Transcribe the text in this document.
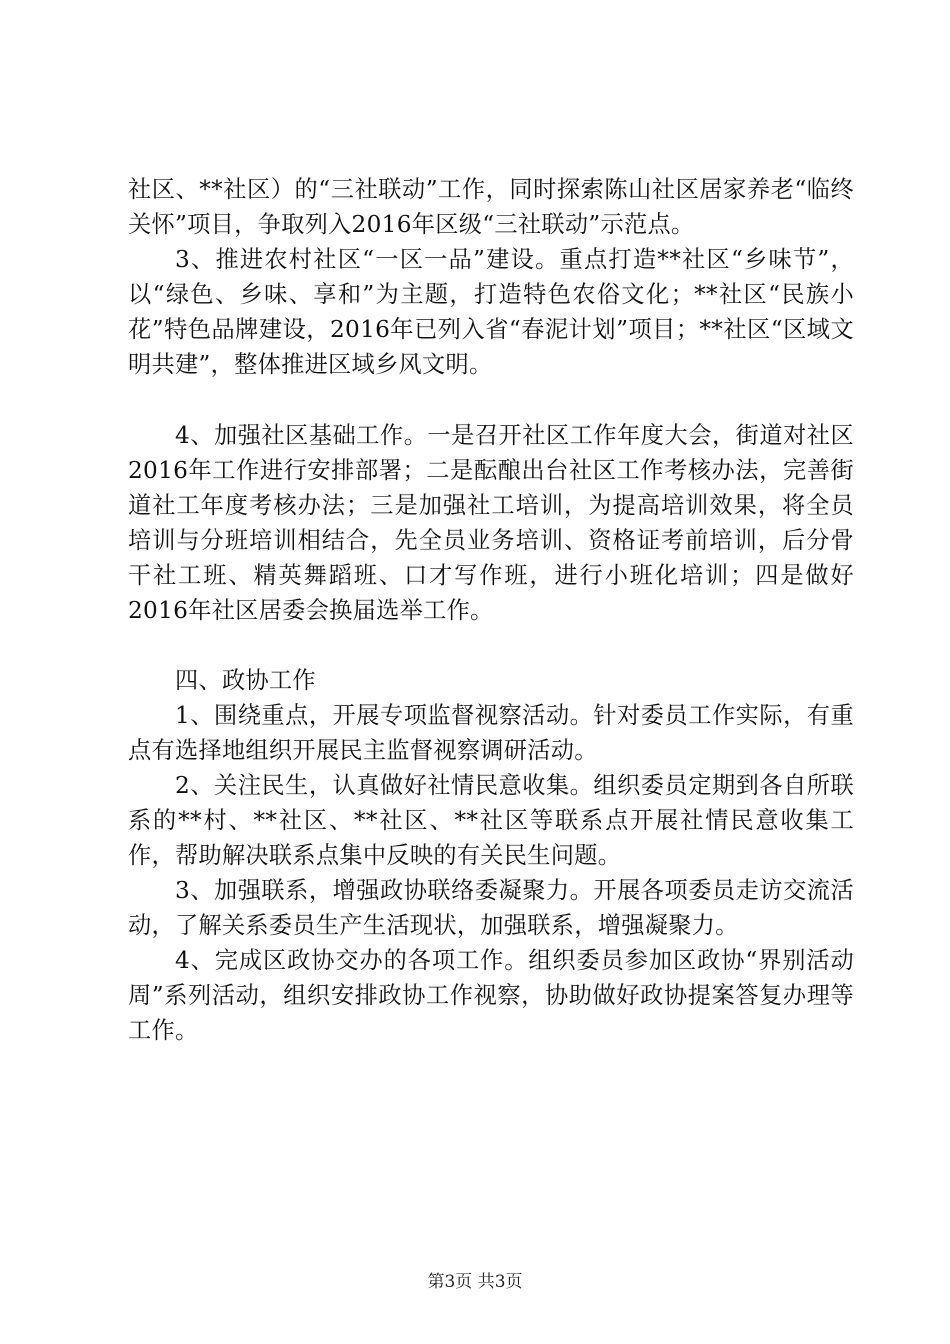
社区、**社区）的“三社联动”工作，同时探索陈山社区居家养老“临终关怀”项目，争取列入2016年区级“三社联动”示范点。

3、推进农村社区“一区一品”建设。重点打造**社区“乡味节”，以“绿色、乡味、享和”为主题，打造特色农俗文化；**社区“民族小花”特色品牌建设，2016年已列入省“春泥计划”项目；**社区“区域文明共建”，整体推进区域乡风文明。

4、加强社区基础工作。一是召开社区工作年度大会，街道对社区2016年工作进行安排部署；二是酝酿出台社区工作考核办法，完善街道社工年度考核办法；三是加强社工培训，为提高培训效果，将全员培训与分班培训相结合，先全员业务培训、资格证考前培训，后分骨干社工班、精英舞蹈班、口才写作班，进行小班化培训；四是做好2016年社区居委会换届选举工作。

四、政协工作

1、围绕重点，开展专项监督视察活动。针对委员工作实际，有重点有选择地组织开展民主监督视察调研活动。

2、关注民生，认真做好社情民意收集。组织委员定期到各自所联系的**村、**社区、**社区、**社区等联系点开展社情民意收集工作，帮助解决联系点集中反映的有关民生问题。

3、加强联系，增强政协联络委凝聚力。开展各项委员走访交流活动，了解关系委员生产生活现状，加强联系，增强凝聚力。

4、完成区政协交办的各项工作。组织委员参加区政协“界别活动周”系列活动，组织安排政协工作视察，协助做好政协提案答复办理等工作。

第3页 共3页
